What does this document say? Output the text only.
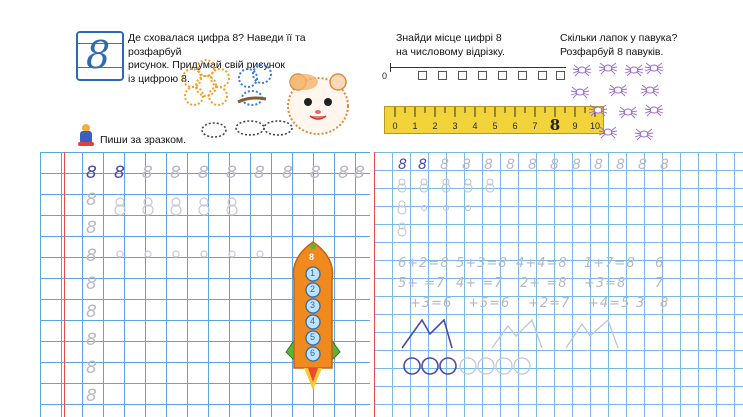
8 Де сховалася цифра 8? Наведи її та розфарбуй
рисунок. Придумай свій рисунок
із цифрою 8.

Знайди місце цифрі 8
на числовому відрізку.

0
0	1	2	3	4	5	6	7 8	9	10

Скільки лапок у павука?
Розфарбуй 8 павуків.

Пиши за зразком.
8 8 8 8 8 8 8 8 8 8 8
8
8
8
8
8
8
8
8
8
1
2
3
4
5
6
8 8 8 8 8 8 8 8 8 8 8 8 8
6+2=8 5+3=8 4+4=8 1+7=8 6
5+ =7 4+ =7 2+ =8 +3=8 7
+3=6 +5=6 +2=7 +4=5 3 8
